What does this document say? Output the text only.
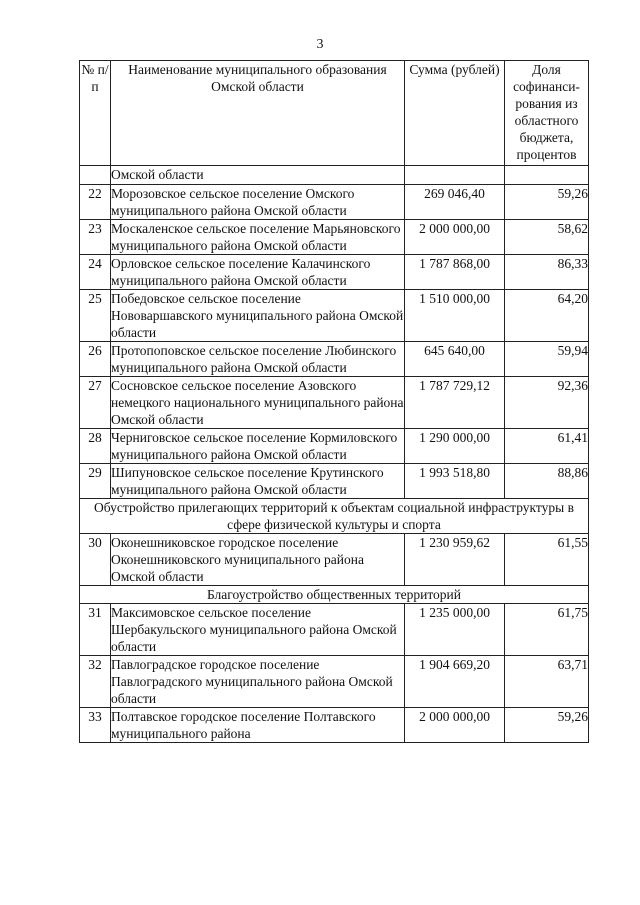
3
№ п/п	Наименование муниципального образования Омской области	Сумма (рублей)	Доля софинанси-рования из областного бюджета, процентов
	Омской области		
22	Морозовское сельское поселение Омского муниципального района Омской области	269 046,40	59,26
23	Москаленское сельское поселение Марьяновского муниципального района Омской области	2 000 000,00	58,62
24	Орловское сельское поселение Калачинского муниципального района Омской области	1 787 868,00	86,33
25	Победовское сельское поселение Нововаршавского муниципального района Омской области	1 510 000,00	64,20
26	Протопоповское сельское поселение Любинского муниципального района Омской области	645 640,00	59,94
27	Сосновское сельское поселение Азовского немецкого национального муниципального района Омской области	1 787 729,12	92,36
28	Черниговское сельское поселение Кормиловского муниципального района Омской области	1 290 000,00	61,41
29	Шипуновское сельское поселение Крутинского муниципального района Омской области	1 993 518,80	88,86
Обустройство прилегающих территорий к объектам социальной инфраструктуры в сфере физической культуры и спорта			
30	Оконешниковское городское поселение Оконешниковского муниципального района Омской области	1 230 959,62	61,55
Благоустройство общественных территорий			
31	Максимовское сельское поселение Шербакульского муниципального района Омской области	1 235 000,00	61,75
32	Павлоградское городское поселение Павлоградского муниципального района Омской области	1 904 669,20	63,71
33	Полтавское городское поселение Полтавского муниципального района	2 000 000,00	59,26
